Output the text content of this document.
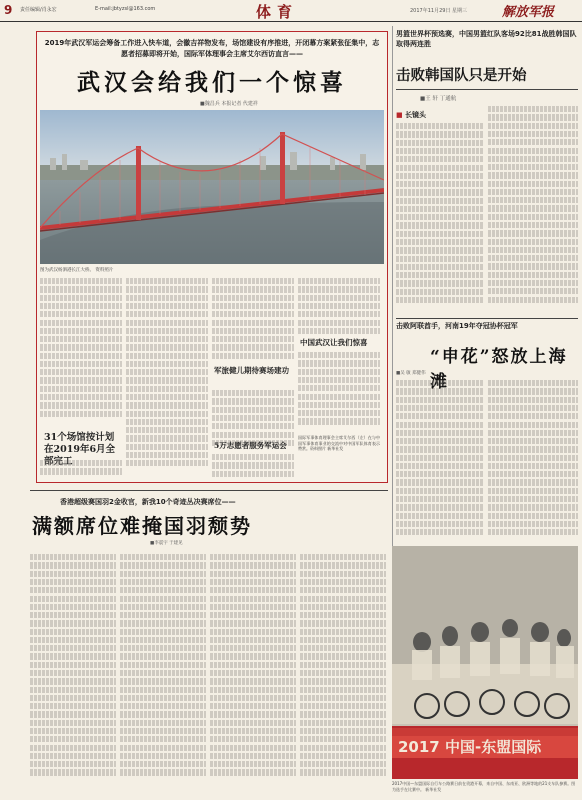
9 责任编辑/肖永宏	E-mail:jbtyzsl@163.com	体育	2017年11月29日 星期三	解放军报
2019年武汉军运会筹备工作进入快车道，会徽吉祥物发布，场馆建设有序推进，开闭幕方案紧张征集中，志愿者招募即将开始，国际军体理事会主席艾尔西访直言——
武汉会给我们一个惊喜
■魏昌兵 本报记者 代建祥
图为武汉杨泗港长江大桥。 资料照片
31个场馆按计划在2019年6月全部完工
军旅健儿期待赛场建功
5万志愿者服务军运会
中国武汉让我们惊喜
国际军事体育理事会主席艾尔西（左）在与中国军事体育事业的交流中对中国军队体育表示赞赏。资料照片 新华社发
男篮世界杯预选赛，中国男篮红队客场92比81战胜韩国队取得两连胜
击败韩国队只是开始
■王 轩 丁通航
■ 长镜头
击败阿联酋手，河南19年夺冠协杯冠军
“申花”怒放上海滩
■吴 敏 郑健伟
香港超级赛国羽2金收官，新我10个奇迹丛决赛席位——
满额席位难掩国羽颓势
■李震宇 于建见
2017 中国-东盟国际
2017中国—东盟国际自行车公路赛日前在贵港开幕，来自中国、东南亚、欧洲等地的21支车队参赛。图为选手在比赛中。 新华社发
